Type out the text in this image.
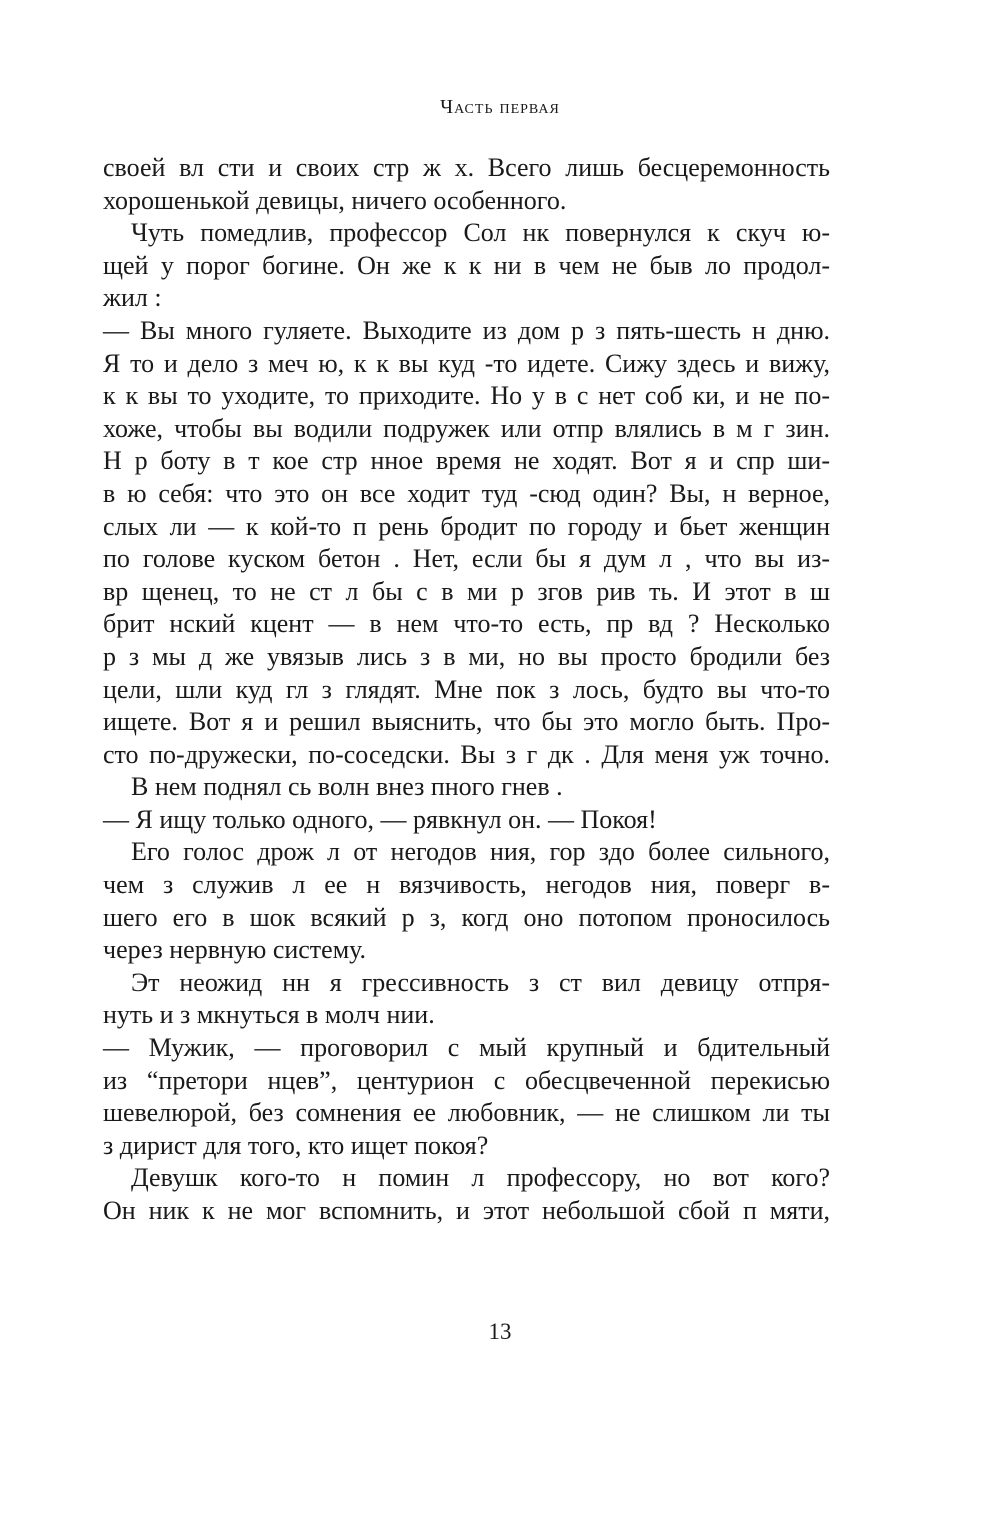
Часть первая
своей вл сти и своих стр ж х. Всего лишь бесцеремонность
хорошенькой девицы, ничего особенного.
Чуть помедлив, профессор Сол нк повернулся к скуч ю-
щей у порог богине. Он же к к ни в чем не быв ло продол-
жил :
— Вы много гуляете. Выходите из дом р з пять-шесть н дню.
Я то и дело з меч ю, к к вы куд -то идете. Сижу здесь и вижу,
к к вы то уходите, то приходите. Но у в с нет соб ки, и не по-
хоже, чтобы вы водили подружек или отпр влялись в м г зин.
Н р боту в т кое стр нное время не ходят. Вот я и спр ши-
в ю себя: что это он все ходит туд -сюд один? Вы, н верное,
слых ли — к кой-то п рень бродит по городу и бьет женщин
по голове куском бетон . Нет, если бы я дум л , что вы из-
вр щенец, то не ст л бы с в ми р згов рив ть. И этот в ш
брит нский кцент — в нем что-то есть, пр вд ? Несколько
р з мы д же увязыв лись з в ми, но вы просто бродили без
цели, шли куд гл з глядят. Мне пок з лось, будто вы что-то
ищете. Вот я и решил выяснить, что бы это могло быть. Про-
сто по-дружески, по-соседски. Вы з г дк . Для меня уж точно.
В нем поднял сь волн внез пного гнев .
— Я ищу только одного, — рявкнул он. — Покоя!
Его голос дрож л от негодов ния, гор здо более сильного,
чем з служив л ее н вязчивость, негодов ния, поверг в-
шего его в шок всякий р з, когд оно потопом проносилось
через нервную систему.
Эт неожид нн я грессивность з ст вил девицу отпря-
нуть и з мкнуться в молч нии.
— Мужик, — проговорил с мый крупный и бдительный
из “претори нцев”, центурион с обесцвеченной перекисью
шевелюрой, без сомнения ее любовник, — не слишком ли ты
з дирист для того, кто ищет покоя?
Девушк кого-то н помин л профессору, но вот кого?
Он ник к не мог вспомнить, и этот небольшой сбой п мяти,
13
